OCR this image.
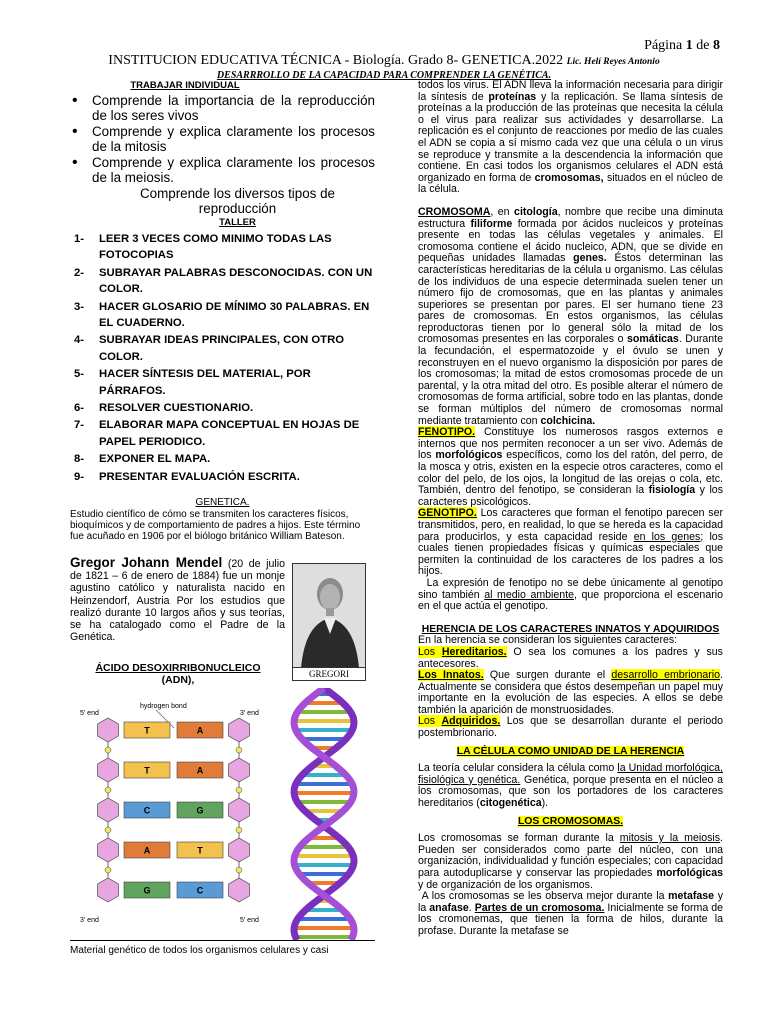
Página 1 de 8
INSTITUCION EDUCATIVA TÉCNICA - Biología. Grado 8- GENETICA.2022 Lic. Helí Reyes Antonio
DESARRROLLO DE LA CAPACIDAD PARA COMPRENDER LA GENÉTICA.
TRABAJAR INDIVIDUAL
• Comprende la importancia de la reproducción de los seres vivos
• Comprende y explica claramente los procesos de la mitosis
• Comprende y explica claramente los procesos de la meiosis.
Comprende los diversos tipos de reproducción
TALLER
1- LEER 3 VECES COMO MINIMO TODAS LAS FOTOCOPIAS
2- SUBRAYAR PALABRAS DESCONOCIDAS. CON UN COLOR.
3- HACER GLOSARIO DE MÍNIMO 30 PALABRAS. EN EL CUADERNO.
4- SUBRAYAR IDEAS PRINCIPALES, CON OTRO COLOR.
5- HACER SÍNTESIS DEL MATERIAL, POR PÁRRAFOS.
6- RESOLVER CUESTIONARIO.
7- ELABORAR MAPA CONCEPTUAL EN HOJAS DE PAPEL PERIODICO.
8- EXPONER EL MAPA.
9- PRESENTAR EVALUACIÓN ESCRITA.
GENETICA.
Estudio científico de cómo se transmiten los caracteres físicos, bioquímicos y de comportamiento de padres a hijos. Este término fue acuñado en 1906 por el biólogo británico William Bateson.
Gregor Johann Mendel (20 de julio de 1821 – 6 de enero de 1884) fue un monje agustino católico y naturalista nacido en Heinzendorf, Austria Por los estudios que realizó durante 10 largos años y sus teorías, se ha catalogado como el Padre de la Genética.
GREGORI
ÁCIDO DESOXIRRIBONUCLEICO
(ADN),
hydrogen bond
5' end	3' end
3' end	5' end
T	A
T	A
C	G
A	T
G	C
Material genético de todos los organismos celulares y casi

todos los virus. El ADN lleva la información necesaria para dirigir la síntesis de proteínas y la replicación. Se llama síntesis de proteínas a la producción de las proteínas que necesita la célula o el virus para realizar sus actividades y desarrollarse. La replicación es el conjunto de reacciones por medio de las cuales el ADN se copia a sí mismo cada vez que una célula o un virus se reproduce y transmite a la descendencia la información que contiene. En casi todos los organismos celulares el ADN está organizado en forma de cromosomas, situados en el núcleo de la célula.

CROMOSOMA, en citología, nombre que recibe una diminuta estructura filiforme formada por ácidos nucleicos y proteínas presente en todas las células vegetales y animales. El cromosoma contiene el ácido nucleico, ADN, que se divide en pequeñas unidades llamadas genes. Éstos determinan las características hereditarias de la célula u organismo. Las células de los individuos de una especie determinada suelen tener un número fijo de cromosomas, que en las plantas y animales superiores se presentan por pares. El ser humano tiene 23 pares de cromosomas. En estos organismos, las células reproductoras tienen por lo general sólo la mitad de los cromosomas presentes en las corporales o somáticas. Durante la fecundación, el espermatozoide y el óvulo se unen y reconstruyen en el nuevo organismo la disposición por pares de los cromosomas; la mitad de estos cromosomas procede de un parental, y la otra mitad del otro. Es posible alterar el número de cromosomas de forma artificial, sobre todo en las plantas, donde se forman múltiplos del número de cromosomas normal mediante tratamiento con colchicina.

FENOTIPO. Constituye los numerosos rasgos externos e internos que nos permiten reconocer a un ser vivo. Además de los morfológicos específicos, como los del ratón, del perro, de la mosca y otris, existen en la especie otros caracteres, como el color del pelo, de los ojos, la longitud de las orejas o cola, etc. También, dentro del fenotipo, se consideran la fisiología y los caracteres psicológicos.

GENOTIPO. Los caracteres que forman el fenotipo parecen ser transmitidos, pero, en realidad, lo que se hereda es la capacidad para producirlos, y esta capacidad reside en los genes; los cuales tienen propiedades físicas y químicas especiales que permiten la continuidad de los caracteres de los padres a los hijos.

La expresión de fenotipo no se debe únicamente al genotipo sino también al medio ambiente, que proporciona el escenario en el que actúa el genotipo.

HERENCIA DE LOS CARACTERES INNATOS Y ADQUIRIDOS

En la herencia se consideran los siguientes caracteres:

Los Hereditarios. O sea los comunes a los padres y sus antecesores.

Los Innatos. Que surgen durante el desarrollo embrionario. Actualmente se considera que éstos desempeñan un papel muy importante en la evolución de las especies. A ellos se debe también la aparición de monstruosidades.

Los Adquiridos. Los que se desarrollan durante el periodo postembrionario.

LA CÉLULA COMO UNIDAD DE LA HERENCIA

La teoría celular considera la célula como la Unidad morfológica, fisiológica y genética. Genética, porque presenta en el núcleo a los cromosomas, que son los portadores de los caracteres hereditarios (citogenética).

LOS CROMOSOMAS.

Los cromosomas se forman durante la mitosis y la meiosis. Pueden ser considerados como parte del núcleo, con una organización, individualidad y función especiales; con capacidad para autoduplicarse y conservar las propiedades morfológicas y de organización de los organismos.

A los cromosomas se les observa mejor durante la metafase y la anafase. Partes de un cromosoma. Inicialmente se forma de los cromonemas, que tienen la forma de hilos, durante la profase. Durante la metafase se
